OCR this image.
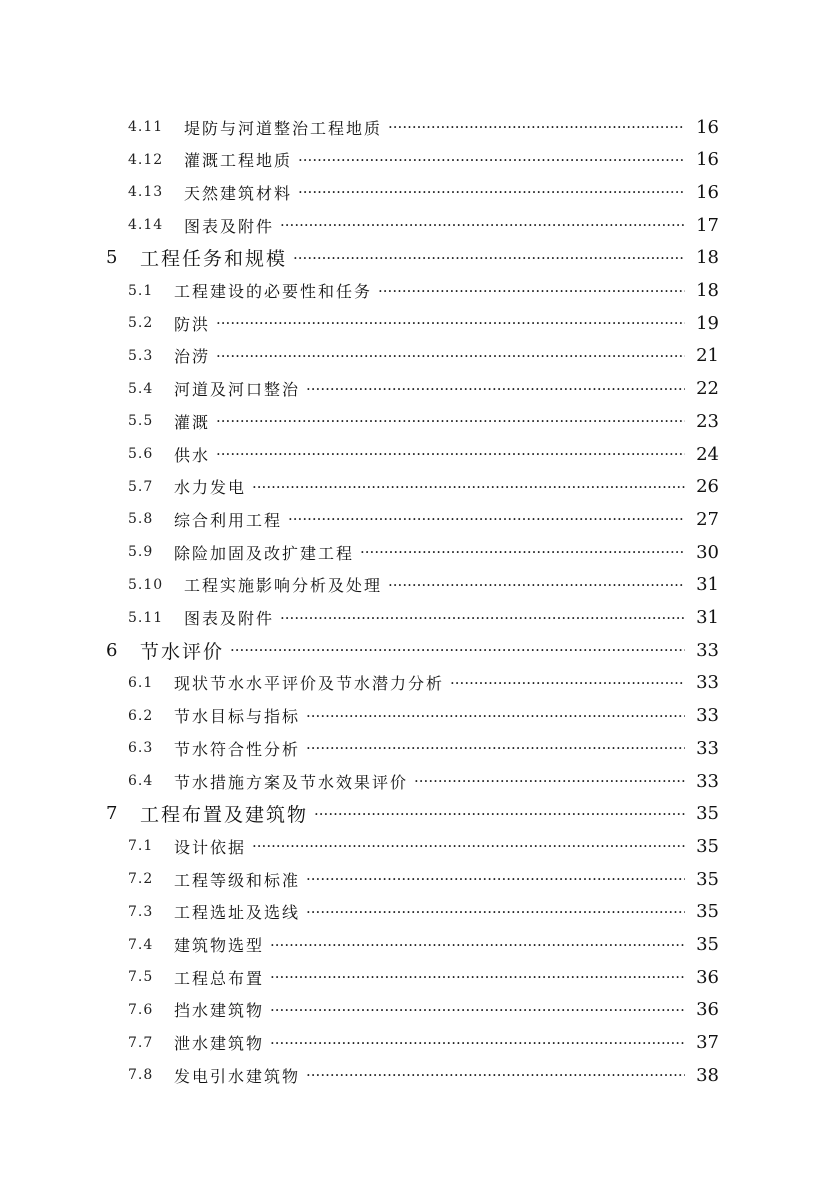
4.11	堤防与河道整治工程地质 ·····	16
4.12	灌溉工程地质 ·····	16
4.13	天然建筑材料 ·····	16
4.14	图表及附件 ·····	17
5	工程任务和规模 ·····	18
5.1	工程建设的必要性和任务 ·····	18
5.2	防洪 ·····	19
5.3	治涝 ·····	21
5.4	河道及河口整治 ·····	22
5.5	灌溉 ·····	23
5.6	供水 ·····	24
5.7	水力发电 ·····	26
5.8	综合利用工程 ·····	27
5.9	除险加固及改扩建工程 ·····	30
5.10	工程实施影响分析及处理 ·····	31
5.11	图表及附件 ·····	31
6	节水评价 ·····	33
6.1	现状节水水平评价及节水潜力分析 ·····	33
6.2	节水目标与指标 ·····	33
6.3	节水符合性分析 ·····	33
6.4	节水措施方案及节水效果评价 ·····	33
7	工程布置及建筑物 ·····	35
7.1	设计依据 ·····	35
7.2	工程等级和标准 ·····	35
7.3	工程选址及选线 ·····	35
7.4	建筑物选型 ·····	35
7.5	工程总布置 ·····	36
7.6	挡水建筑物 ·····	36
7.7	泄水建筑物 ·····	37
7.8	发电引水建筑物 ·····	38
